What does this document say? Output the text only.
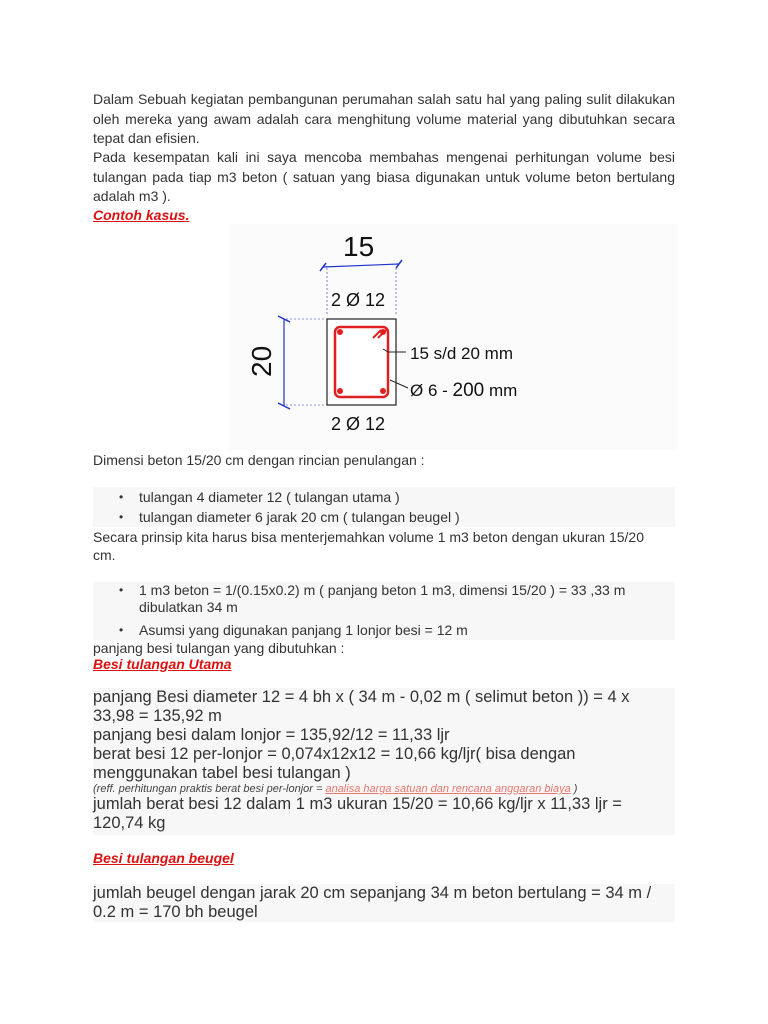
Dalam Sebuah kegiatan pembangunan perumahan salah satu hal yang paling sulit dilakukan oleh mereka yang awam adalah cara menghitung volume material yang dibutuhkan secara tepat dan efisien.
Pada kesempatan kali ini saya mencoba membahas mengenai perhitungan volume besi tulangan pada tiap m3 beton ( satuan yang biasa digunakan untuk volume beton bertulang adalah m3 ).
Contoh kasus.
15
2 Ø 12
20	15 s/d 20 mm
Ø 6 - 200 mm
2 Ø 12
Dimensi beton 15/20 cm dengan rincian penulangan :
• tulangan 4 diameter 12 ( tulangan utama )
• tulangan diameter 6 jarak 20 cm ( tulangan beugel )
Secara prinsip kita harus bisa menterjemahkan volume 1 m3 beton dengan ukuran 15/20 cm.
• 1 m3 beton = 1/(0.15x0.2) m ( panjang beton 1 m3, dimensi 15/20 ) = 33 ,33 m dibulatkan 34 m
• Asumsi yang digunakan panjang 1 lonjor besi = 12 m
panjang besi tulangan yang dibutuhkan :
Besi tulangan Utama
panjang Besi diameter 12 = 4 bh x ( 34 m - 0,02 m ( selimut beton )) = 4 x 33,98 = 135,92 m
panjang besi dalam lonjor = 135,92/12 = 11,33 ljr
berat besi 12 per-lonjor = 0,074x12x12 = 10,66 kg/ljr( bisa dengan menggunakan tabel besi tulangan )
(reff. perhitungan praktis berat besi per-lonjor = analisa harga satuan dan rencana anggaran biaya )
jumlah berat besi 12 dalam 1 m3 ukuran 15/20 = 10,66 kg/ljr x 11,33 ljr = 120,74 kg
Besi tulangan beugel
jumlah beugel dengan jarak 20 cm sepanjang 34 m beton bertulang = 34 m / 0.2 m = 170 bh beugel
